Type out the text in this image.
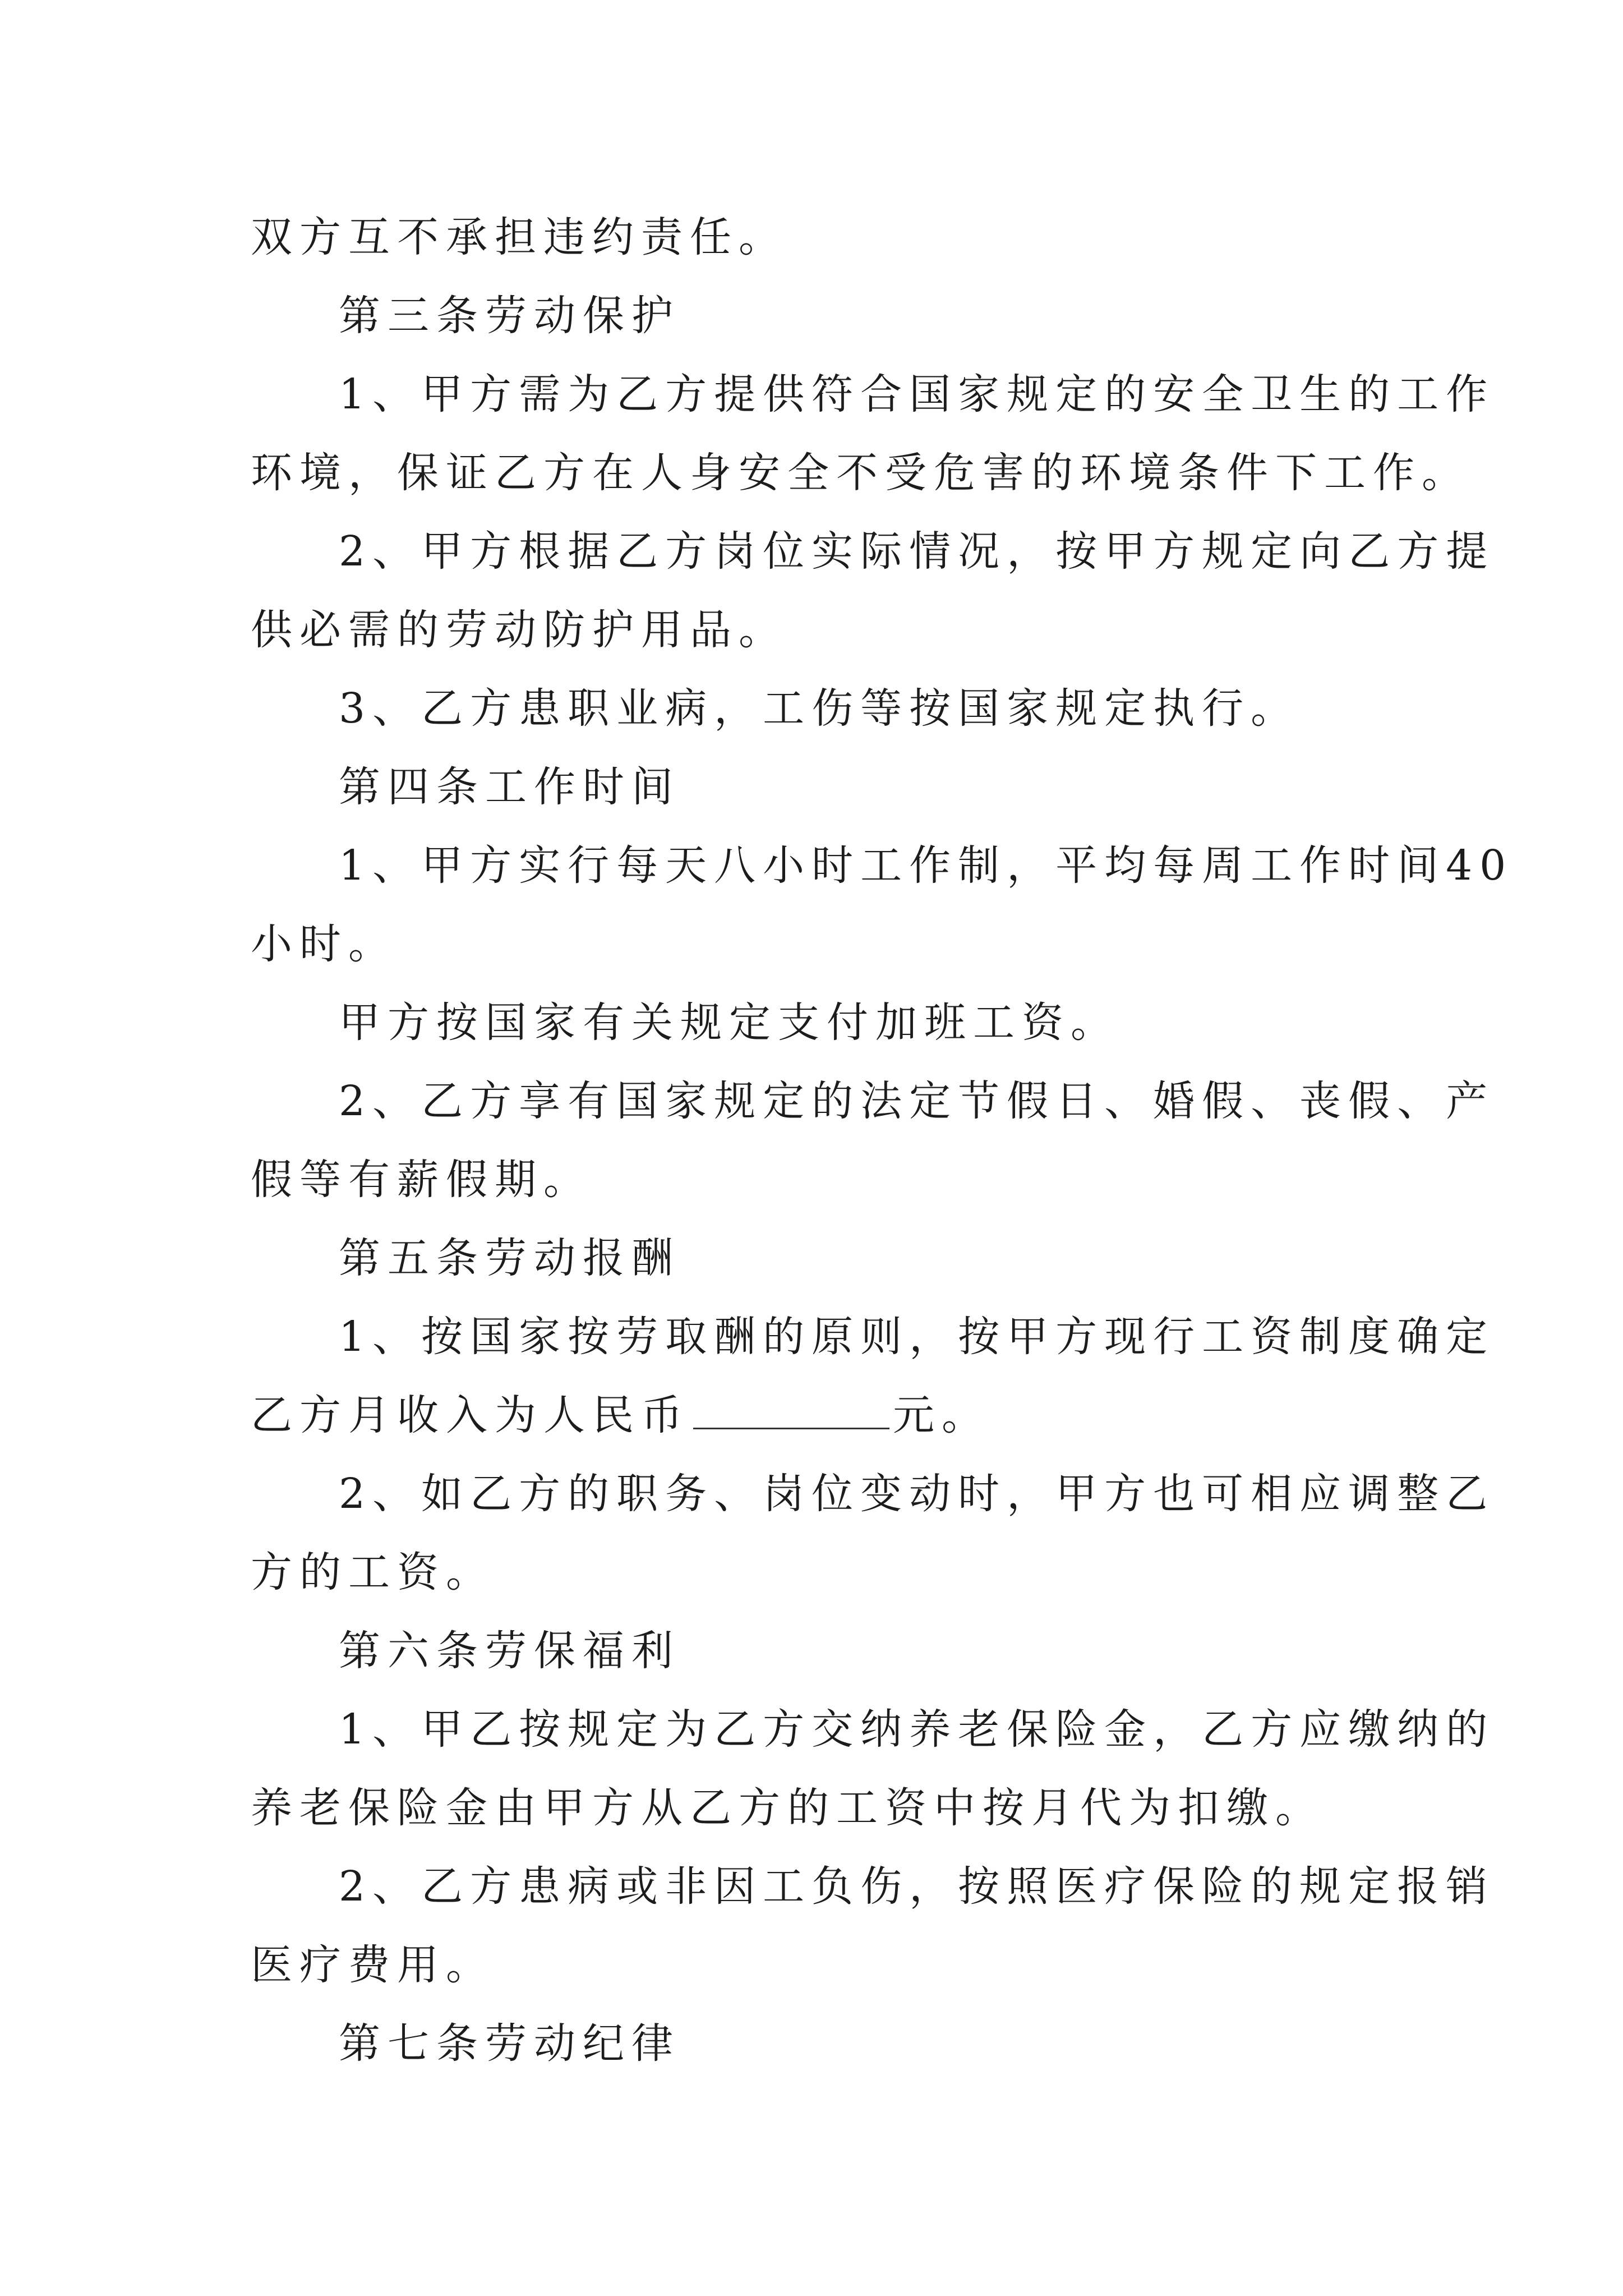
双方互不承担违约责任。
第三条劳动保护
1、甲方需为乙方提供符合国家规定的安全卫生的工作
环境，保证乙方在人身安全不受危害的环境条件下工作。
2、甲方根据乙方岗位实际情况，按甲方规定向乙方提
供必需的劳动防护用品。
3、乙方患职业病，工伤等按国家规定执行。
第四条工作时间
1、甲方实行每天八小时工作制，平均每周工作时间40
小时。
甲方按国家有关规定支付加班工资。
2、乙方享有国家规定的法定节假日、婚假、丧假、产
假等有薪假期。
第五条劳动报酬
1、按国家按劳取酬的原则，按甲方现行工资制度确定
乙方月收入为人民币	元。
2、如乙方的职务、岗位变动时，甲方也可相应调整乙
方的工资。
第六条劳保福利
1、甲乙按规定为乙方交纳养老保险金，乙方应缴纳的
养老保险金由甲方从乙方的工资中按月代为扣缴。
2、乙方患病或非因工负伤，按照医疗保险的规定报销
医疗费用。
第七条劳动纪律
